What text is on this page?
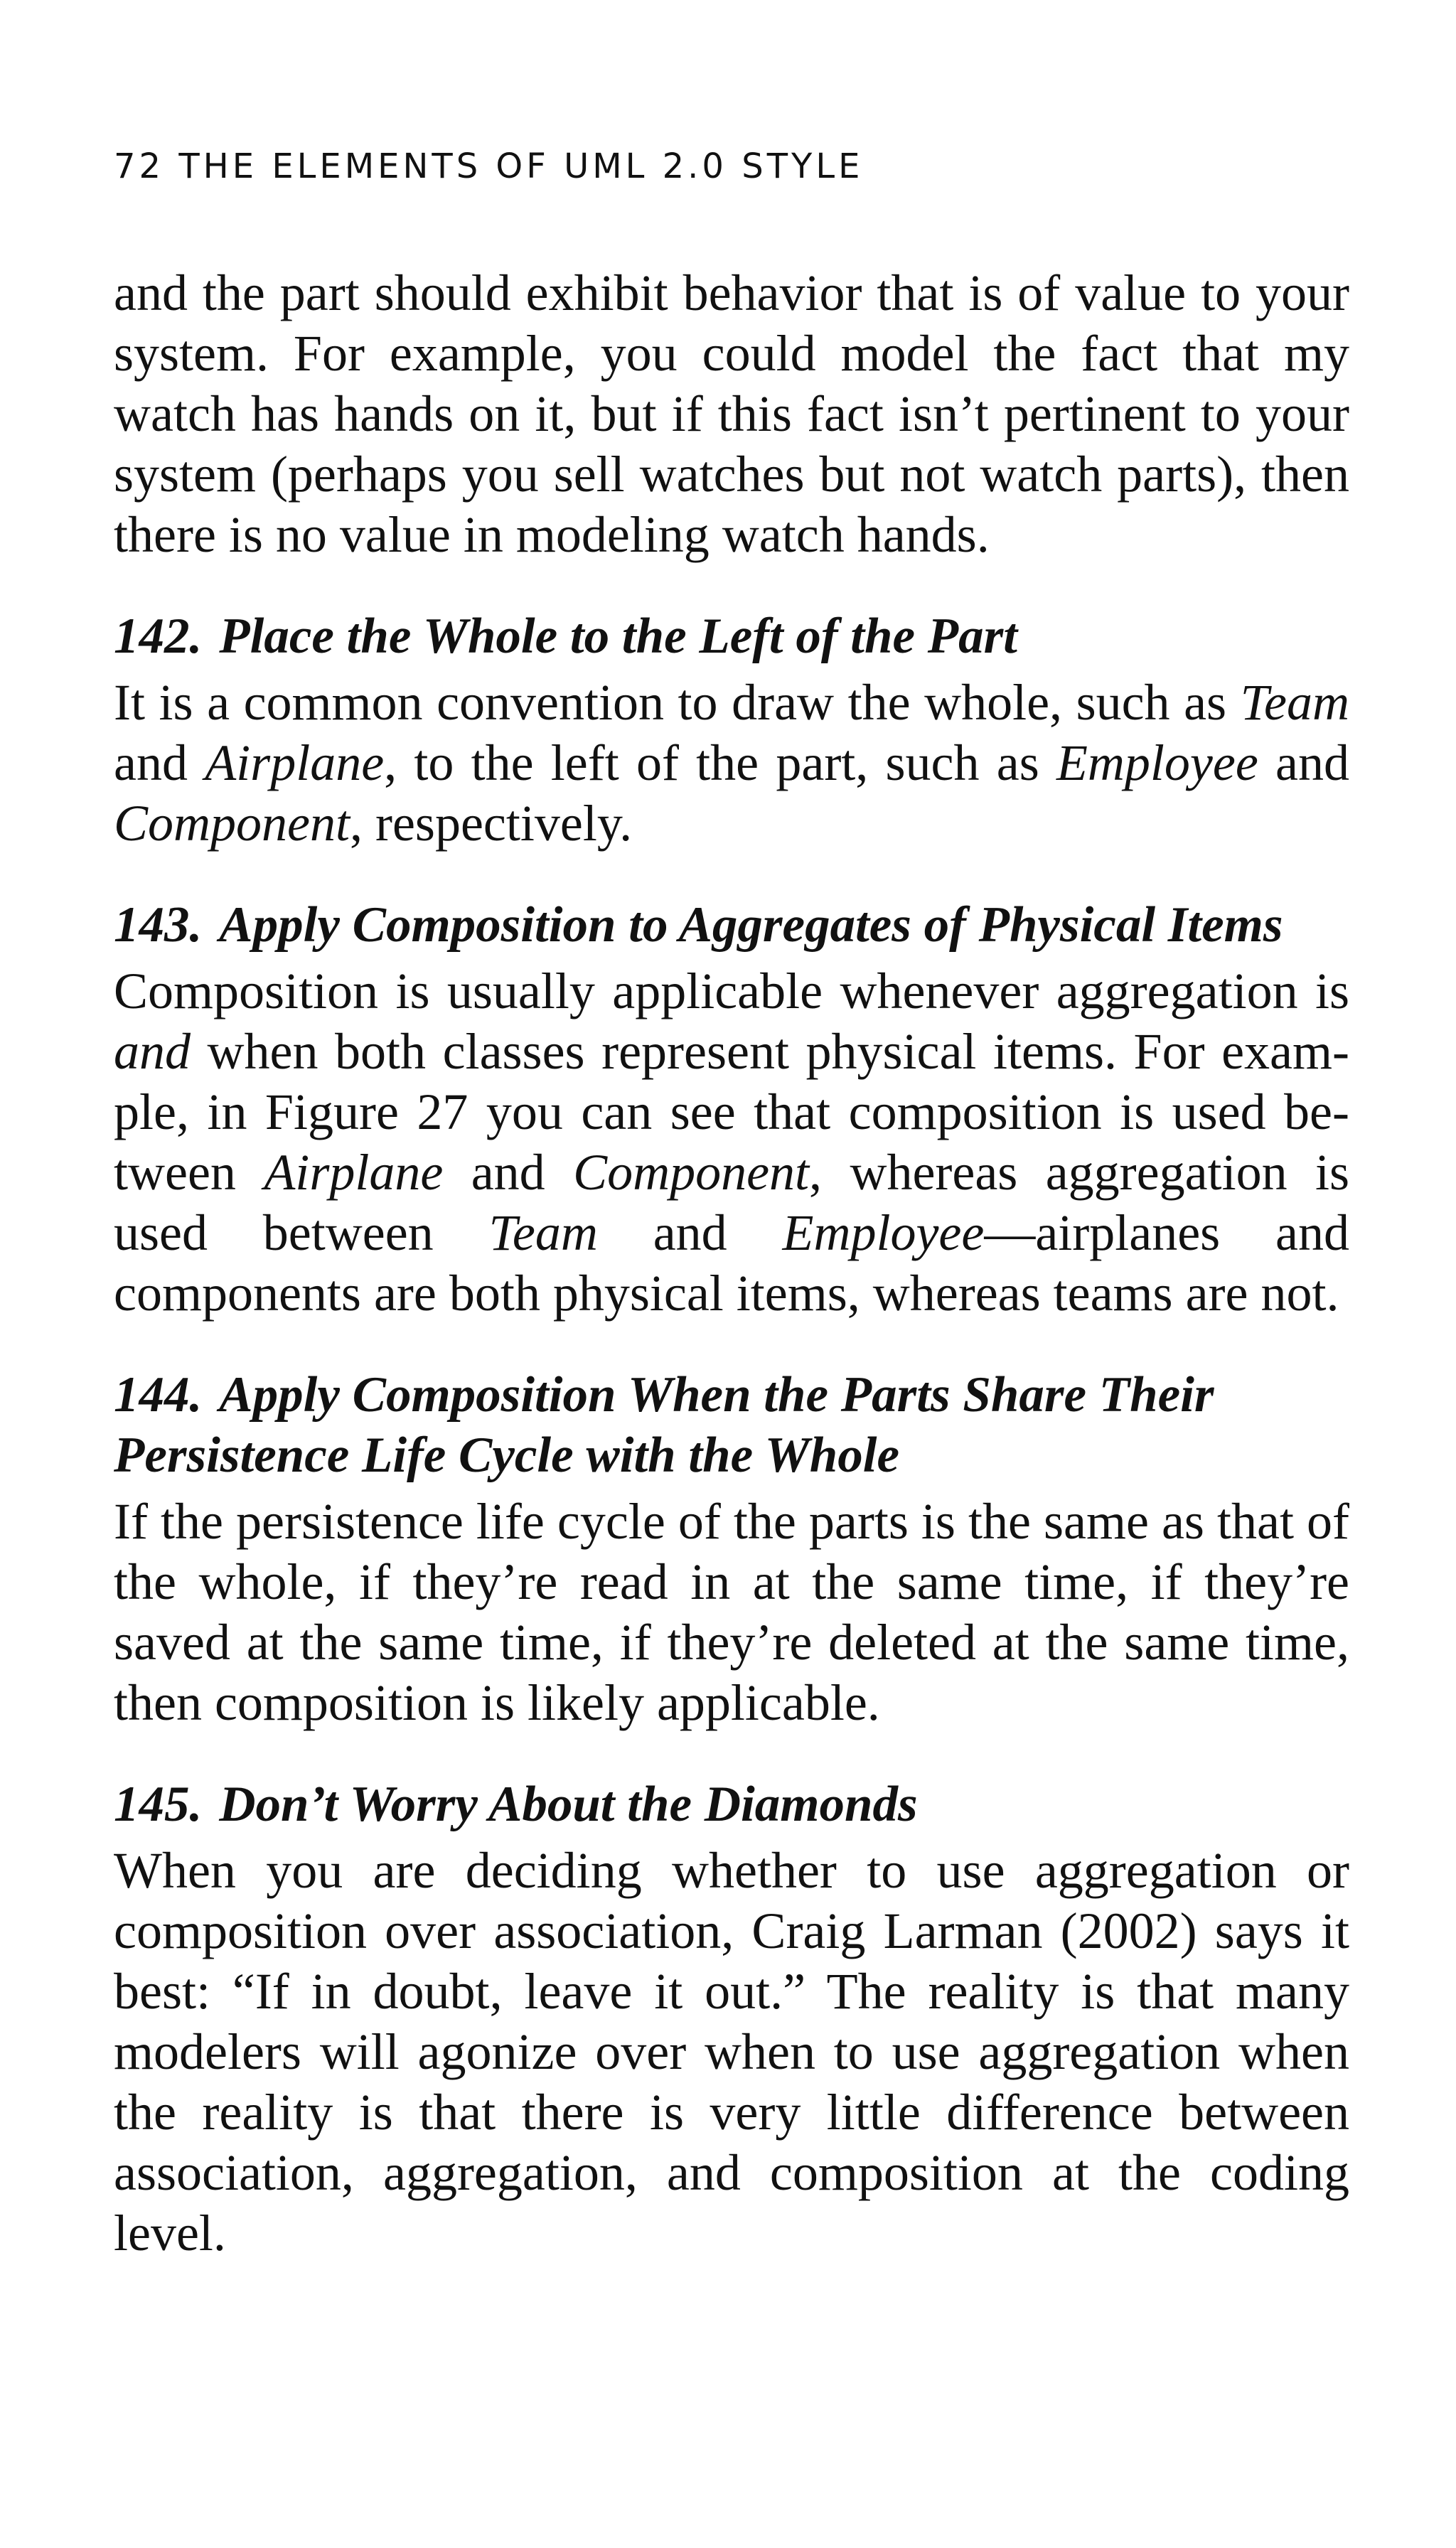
72 THE ELEMENTS OF UML 2.0 STYLE

and the part should exhibit behavior that is of value to your system. For example, you could model the fact that my watch has hands on it, but if this fact isn’t pertinent to your system (perhaps you sell watches but not watch parts), then there is no value in modeling watch hands.

142. Place the Whole to the Left of the Part

It is a common convention to draw the whole, such as Team and Airplane, to the left of the part, such as Employee and Component, respectively.

143. Apply Composition to Aggregates of Physical Items

Composition is usually applicable whenever aggregation is and when both classes represent physical items. For example, in Figure 27 you can see that composition is used between Airplane and Component, whereas aggregation is used between Team and Employee—airplanes and components are both physical items, whereas teams are not.

144. Apply Composition When the Parts Share Their Persistence Life Cycle with the Whole

If the persistence life cycle of the parts is the same as that of the whole, if they’re read in at the same time, if they’re saved at the same time, if they’re deleted at the same time, then composition is likely applicable.

145. Don’t Worry About the Diamonds

When you are deciding whether to use aggregation or composition over association, Craig Larman (2002) says it best: “If in doubt, leave it out.” The reality is that many modelers will agonize over when to use aggregation when the reality is that there is very little difference between association, aggregation, and composition at the coding level.
